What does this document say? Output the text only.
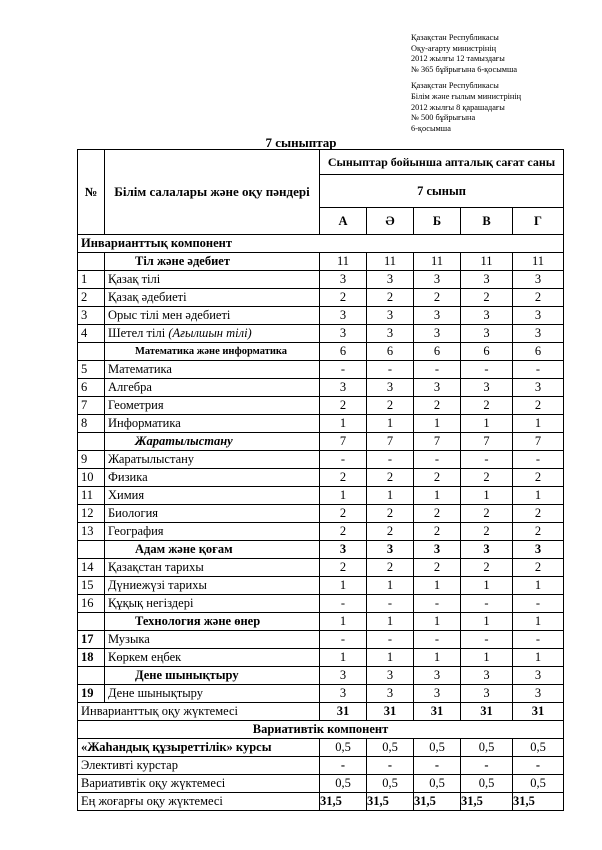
Қазақстан Республикасы
Оқу-ағарту министрінің
2012 жылғы 12 тамыздағы
№ 365 бұйрығына 6-қосымша
Қазақстан Республикасы
Білім және ғылым министрінің
2012 жылғы 8 қарашадағы
№ 500 бұйрығына
6-қосымша
7 сыныптар
№	Білім салалары және оқу пәндері	Сыныптар бойынша апталық сағат саны				
		7 сынып				
		А	Ә	Б	В	Г
Инварианттық компонент						
	Тіл және әдебиет	11	11	11	11	11
1	Қазақ тілі	3	3	3	3	3
2	Қазақ әдебиеті	2	2	2	2	2
3	Орыс тілі мен әдебиеті	3	3	3	3	3
4	Шетел тілі (Ағылшын тілі)	3	3	3	3	3
	Математика және информатика	6	6	6	6	6
5	Математика	-	-	-	-	-
6	Алгебра	3	3	3	3	3
7	Геометрия	2	2	2	2	2
8	Информатика	1	1	1	1	1
	Жаратылыстану	7	7	7	7	7
9	Жаратылыстану	-	-	-	-	-
10	Физика	2	2	2	2	2
11	Химия	1	1	1	1	1
12	Биология	2	2	2	2	2
13	География	2	2	2	2	2
	Адам және қоғам	3	3	3	3	3
14	Қазақстан тарихы	2	2	2	2	2
15	Дүниежүзі тарихы	1	1	1	1	1
16	Құқық негіздері	-	-	-	-	-
	Технология және өнер	1	1	1	1	1
17	Музыка	-	-	-	-	-
18	Көркем еңбек	1	1	1	1	1
	Дене шынықтыру	3	3	3	3	3
19	Дене шынықтыру	3	3	3	3	3
Инварианттық оқу жүктемесі		31	31	31	31	31
Вариативтік компонент						
«Жаһандық құзыреттілік» курсы		0,5	0,5	0,5	0,5	0,5
Элективті курстар		-	-	-	-	-
Вариативтік оқу жүктемесі		0,5	0,5	0,5	0,5	0,5
Ең жоғарғы оқу жүктемесі		31,5	31,5	31,5	31,5	31,5
